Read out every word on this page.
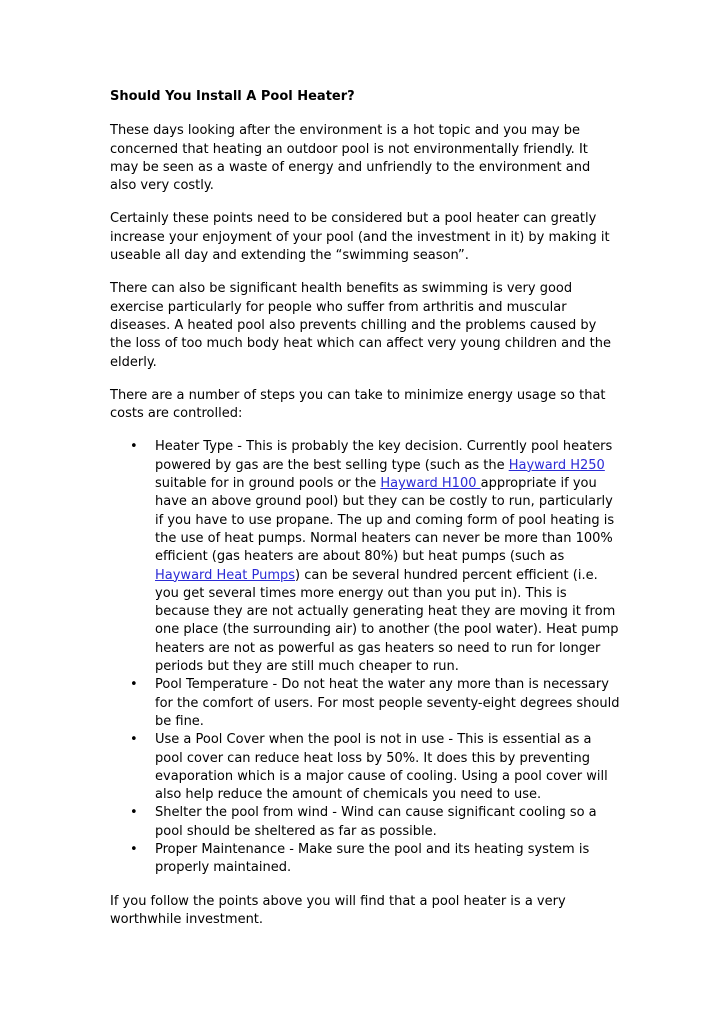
Should You Install A Pool Heater?

These days looking after the environment is a hot topic and you may be concerned that heating an outdoor pool is not environmentally friendly. It may be seen as a waste of energy and unfriendly to the environment and also very costly.

Certainly these points need to be considered but a pool heater can greatly increase your enjoyment of your pool (and the investment in it) by making it useable all day and extending the “swimming season”.

There can also be significant health benefits as swimming is very good exercise particularly for people who suffer from arthritis and muscular diseases. A heated pool also prevents chilling and the problems caused by the loss of too much body heat which can affect very young children and the elderly.

There are a number of steps you can take to minimize energy usage so that costs are controlled:

• Heater Type - This is probably the key decision. Currently pool heaters powered by gas are the best selling type (such as the Hayward H250 suitable for in ground pools or the Hayward H100 appropriate if you have an above ground pool) but they can be costly to run, particularly if you have to use propane. The up and coming form of pool heating is the use of heat pumps. Normal heaters can never be more than 100% efficient (gas heaters are about 80%) but heat pumps (such as Hayward Heat Pumps) can be several hundred percent efficient (i.e. you get several times more energy out than you put in). This is because they are not actually generating heat they are moving it from one place (the surrounding air) to another (the pool water). Heat pump heaters are not as powerful as gas heaters so need to run for longer periods but they are still much cheaper to run.
• Pool Temperature - Do not heat the water any more than is necessary for the comfort of users. For most people seventy-eight degrees should be fine.
• Use a Pool Cover when the pool is not in use - This is essential as a pool cover can reduce heat loss by 50%. It does this by preventing evaporation which is a major cause of cooling. Using a pool cover will also help reduce the amount of chemicals you need to use.
• Shelter the pool from wind - Wind can cause significant cooling so a pool should be sheltered as far as possible.
• Proper Maintenance - Make sure the pool and its heating system is properly maintained.

If you follow the points above you will find that a pool heater is a very worthwhile investment.
